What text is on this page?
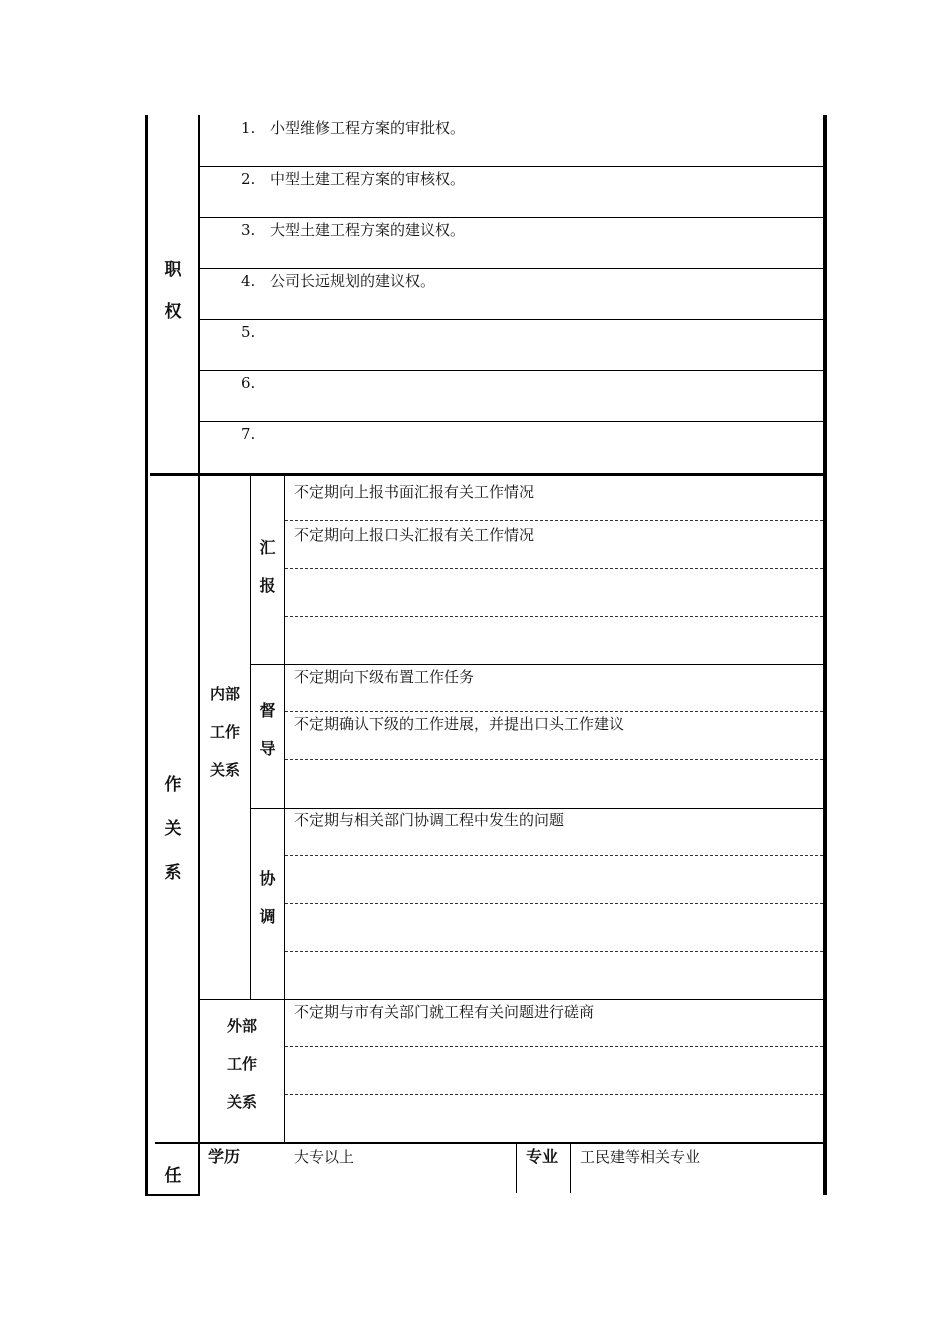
职
权
1. 小型维修工程方案的审批权。
2. 中型土建工程方案的审核权。
3. 大型土建工程方案的建议权。
4. 公司长远规划的建议权。
5.
6.
7.
作
关
系
内部
工作
关系
汇
报
督
导
协
调
不定期向上报书面汇报有关工作情况
不定期向上报口头汇报有关工作情况
不定期向下级布置工作任务
不定期确认下级的工作进展，并提出口头工作建议
不定期与相关部门协调工程中发生的问题
外部
工作
关系
不定期与市有关部门就工程有关问题进行磋商
任
学历	大专以上	专业 工民建等相关专业
